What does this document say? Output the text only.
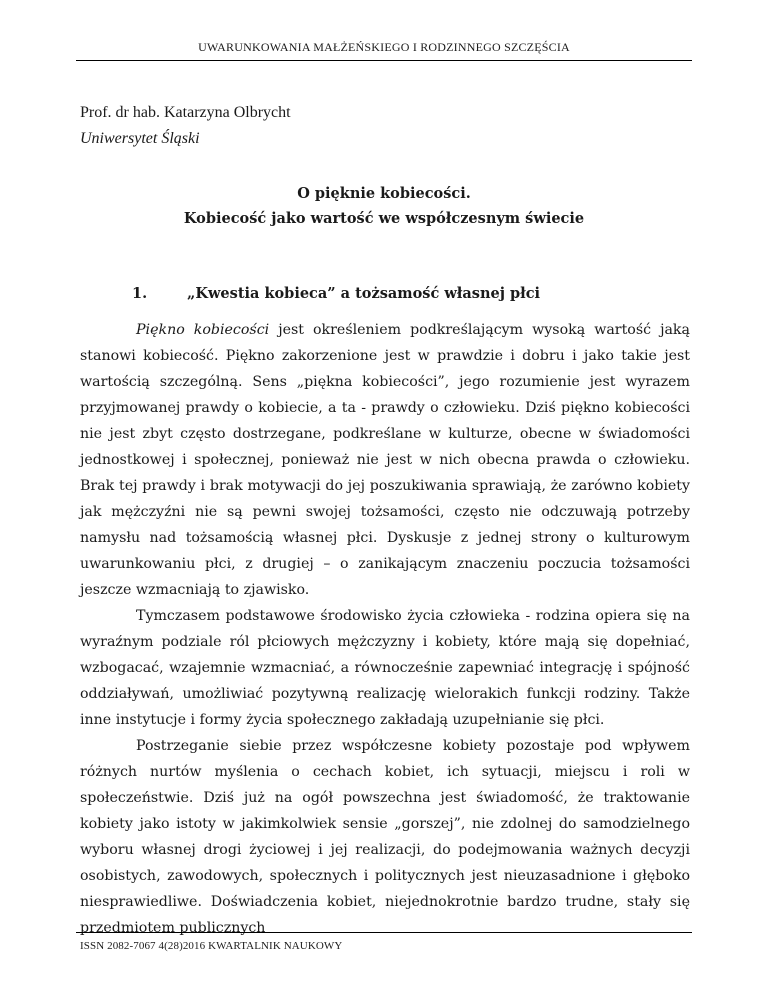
UWARUNKOWANIA MAŁŻEŃSKIEGO I RODZINNEGO SZCZĘŚCIA
Prof. dr hab. Katarzyna Olbrycht
Uniwersytet Śląski
O pięknie kobiecości.
Kobiecość jako wartość we współczesnym świecie
1.	„Kwestia kobieca” a tożsamość własnej płci

Piękno kobiecości jest określeniem podkreślającym wysoką wartość jaką stanowi kobiecość. Piękno zakorzenione jest w prawdzie i dobru i jako takie jest wartością szczególną. Sens „piękna kobiecości”, jego rozumienie jest wyrazem przyjmowanej prawdy o kobiecie, a ta - prawdy o człowieku. Dziś piękno kobiecości nie jest zbyt często dostrzegane, podkreślane w kulturze, obecne w świadomości jednostkowej i społecznej, ponieważ nie jest w nich obecna prawda o człowieku. Brak tej prawdy i brak motywacji do jej poszukiwania sprawiają, że zarówno kobiety jak mężczyźni nie są pewni swojej tożsamości, często nie odczuwają potrzeby namysłu nad tożsamością własnej płci. Dyskusje z jednej strony o kulturowym uwarunkowaniu płci, z drugiej – o zanikającym znaczeniu poczucia tożsamości jeszcze wzmacniają to zjawisko.

Tymczasem podstawowe środowisko życia człowieka - rodzina opiera się na wyraźnym podziale ról płciowych mężczyzny i kobiety, które mają się dopełniać, wzbogacać, wzajemnie wzmacniać, a równocześnie zapewniać integrację i spójność oddziaływań, umożliwiać pozytywną realizację wielorakich funkcji rodziny. Także inne instytucje i formy życia społecznego zakładają uzupełnianie się płci.

Postrzeganie siebie przez współczesne kobiety pozostaje pod wpływem różnych nurtów myślenia o cechach kobiet, ich sytuacji, miejscu i roli w społeczeństwie. Dziś już na ogół powszechna jest świadomość, że traktowanie kobiety jako istoty w jakimkolwiek sensie „gorszej”, nie zdolnej do samodzielnego wyboru własnej drogi życiowej i jej realizacji, do podejmowania ważnych decyzji osobistych, zawodowych, społecznych i politycznych jest nieuzasadnione i głęboko niesprawiedliwe. Doświadczenia kobiet, niejednokrotnie bardzo trudne, stały się przedmiotem publicznych

ISSN 2082-7067 4(28)2016 KWARTALNIK NAUKOWY
